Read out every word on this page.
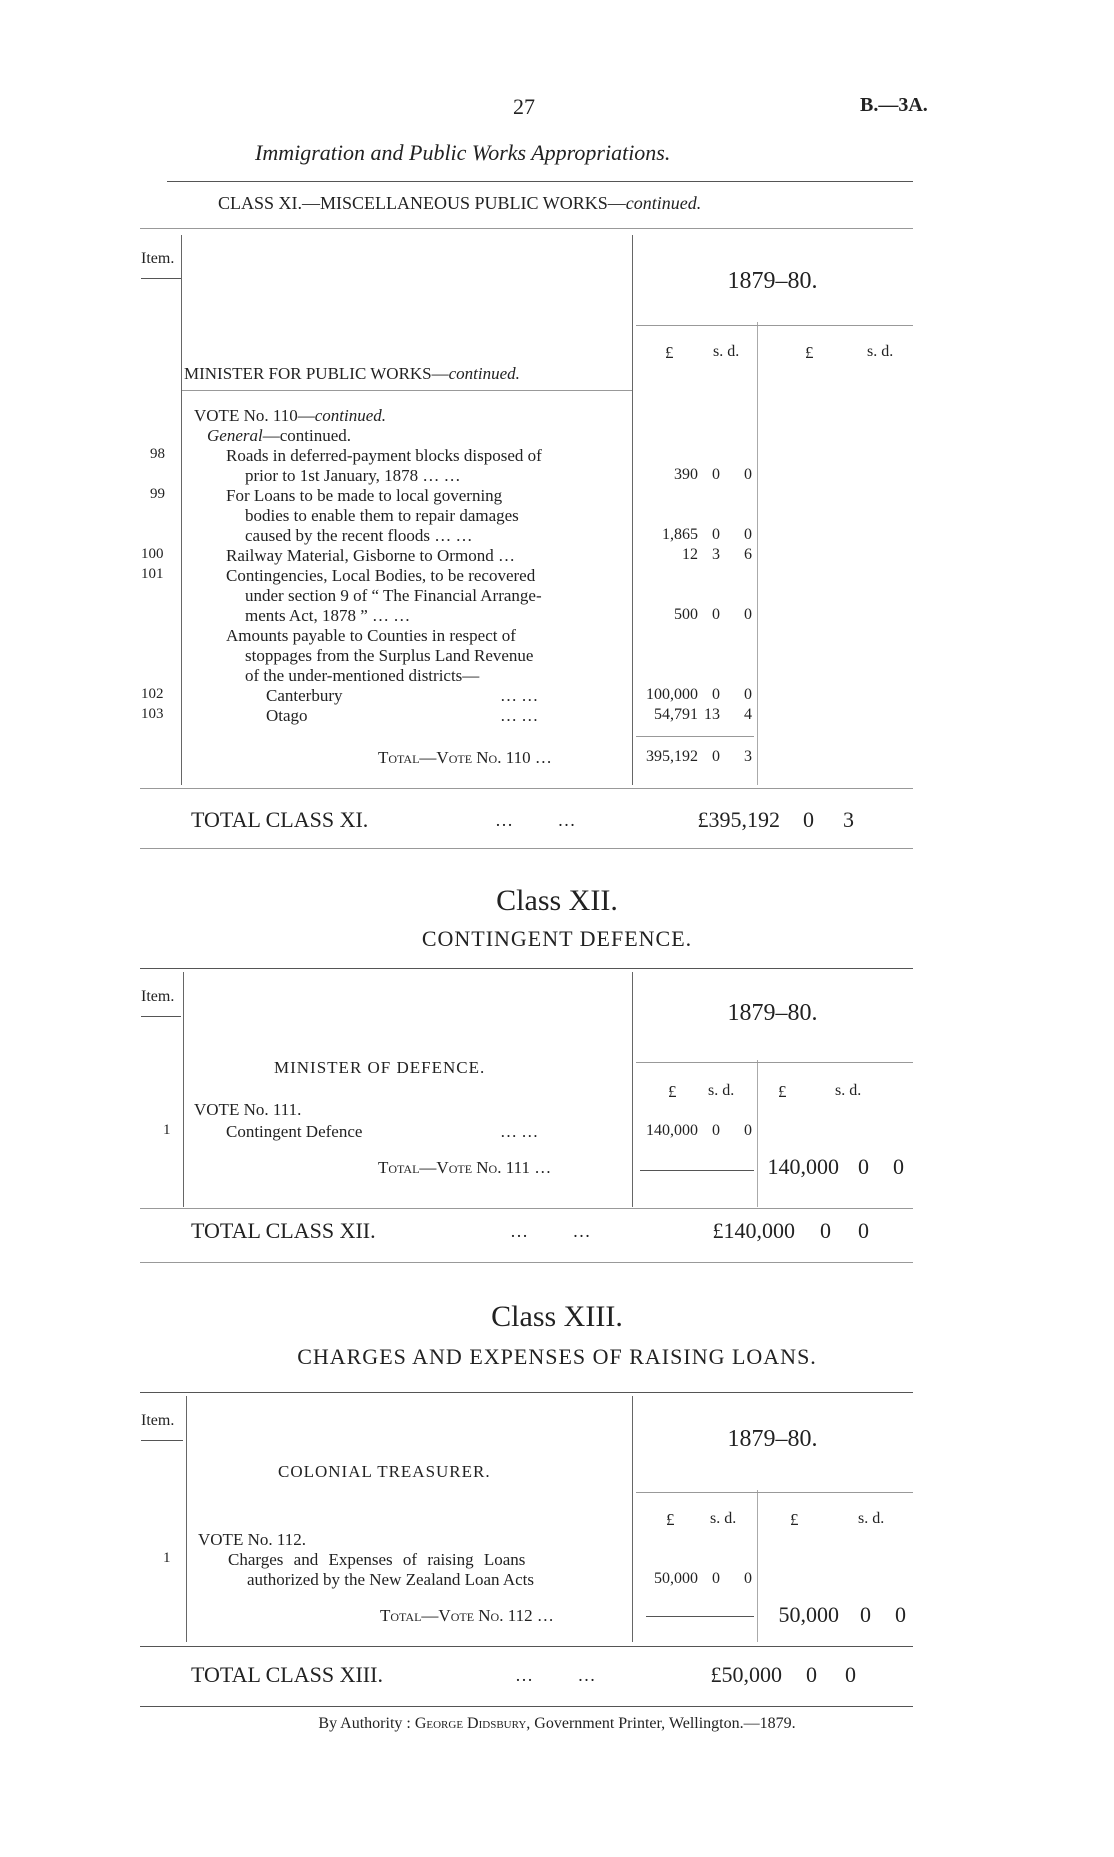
27	B.—3A.
Immigration and Public Works Appropriations.
CLASS XI.—MISCELLANEOUS PUBLIC WORKS—continued.
Item.
1879–80.
£ s. d.	£	s. d.
MINISTER FOR PUBLIC WORKS—continued.
VOTE No. 110—continued.
General—continued.
98	Roads in deferred-payment blocks disposed of
prior to 1st January, 1878 … …	390 0	0
99	For Loans to be made to local governing
bodies to enable them to repair damages
caused by the recent floods … …	1,865 0	0
100	Railway Material, Gisborne to Ormond …	12 3	6
101	Contingencies, Local Bodies, to be recovered
under section 9 of “ The Financial Arrange-
ments Act, 1878 ” … …	500 0	0
Amounts payable to Counties in respect of
stoppages from the Surplus Land Revenue
of the under-mentioned districts—
102	Canterbury	… …	100,000 0	0
103	Otago	… …	54,791 13	4
Total—Vote No. 110 …	395,192 0	3
TOTAL CLASS XI.	… …	£395,192 0 3
Class XII.
CONTINGENT DEFENCE.
Item.
1879–80.
MINISTER OF DEFENCE.
£ s. d.	£	s. d.
VOTE No. 111.
1	Contingent Defence	… …	140,000 0	0
Total—Vote No. 111 …	140,000 0 0
TOTAL CLASS XII.	… …	£140,000 0 0
Class XIII.
CHARGES AND EXPENSES OF RAISING LOANS.
Item.
1879–80.
COLONIAL TREASURER.
£ s. d.	£	s. d.
VOTE No. 112.
1	Charges and Expenses of raising Loans
authorized by the New Zealand Loan Acts	50,000 0	0
Total—Vote No. 112 …	50,000 0 0
TOTAL CLASS XIII.	… …	£50,000 0 0
By Authority : George Didsbury, Government Printer, Wellington.—1879.
